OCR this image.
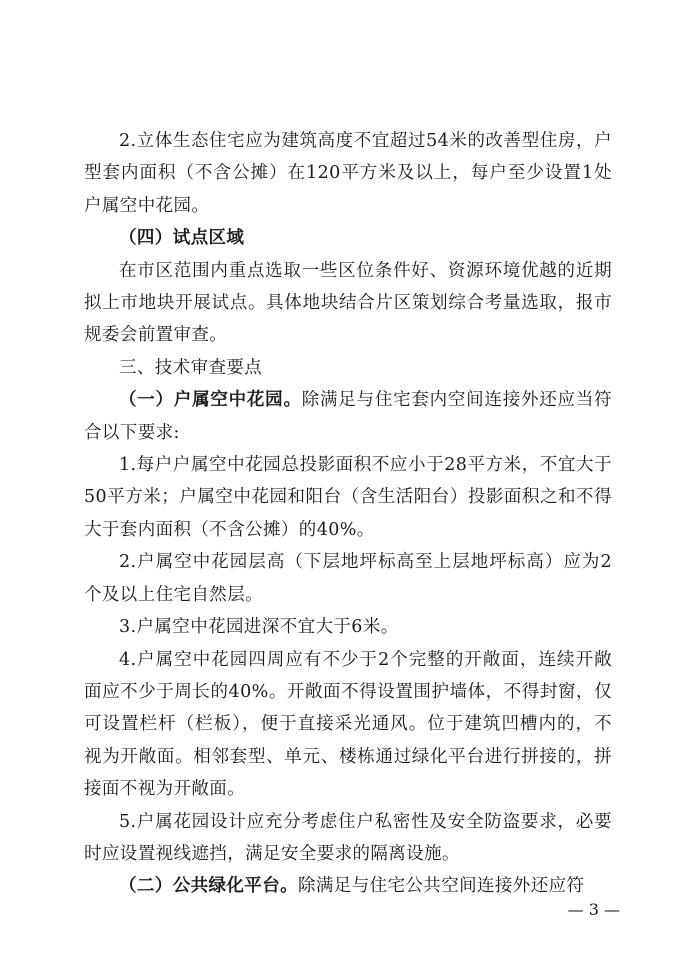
2.立体生态住宅应为建筑高度不宜超过54米的改善型住房，户型套内面积（不含公摊）在120平方米及以上，每户至少设置1处户属空中花园。

（四）试点区域

在市区范围内重点选取一些区位条件好、资源环境优越的近期拟上市地块开展试点。具体地块结合片区策划综合考量选取，报市规委会前置审查。

三、技术审查要点

（一）户属空中花园。除满足与住宅套内空间连接外还应当符合以下要求:

1.每户户属空中花园总投影面积不应小于28平方米，不宜大于50平方米；户属空中花园和阳台（含生活阳台）投影面积之和不得大于套内面积（不含公摊）的40%。

2.户属空中花园层高（下层地坪标高至上层地坪标高）应为2个及以上住宅自然层。

3.户属空中花园进深不宜大于6米。

4.户属空中花园四周应有不少于2个完整的开敞面，连续开敞面应不少于周长的40%。开敞面不得设置围护墙体，不得封窗，仅可设置栏杆（栏板），便于直接采光通风。位于建筑凹槽内的，不视为开敞面。相邻套型、单元、楼栋通过绿化平台进行拼接的，拼接面不视为开敞面。

5.户属花园设计应充分考虑住户私密性及安全防盗要求，必要时应设置视线遮挡，满足安全要求的隔离设施。

（二）公共绿化平台。除满足与住宅公共空间连接外还应符

— 3 —
